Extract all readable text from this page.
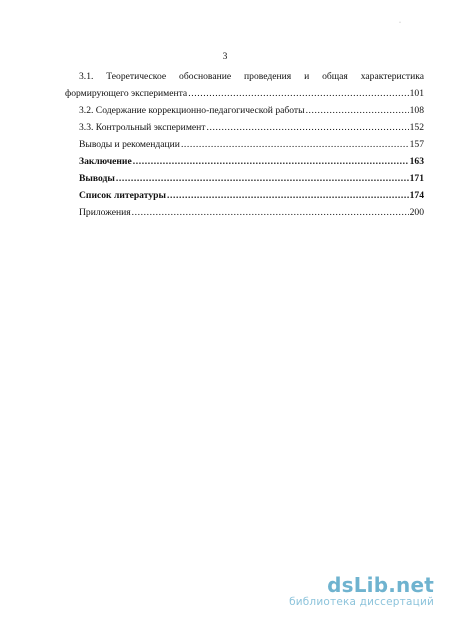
·
3
3.1. Теоретическое обоснование проведения и общая характеристика
формирующего эксперимента .....	101
3.2. Содержание коррекционно-педагогической работы .....	108
3.3. Контрольный эксперимент .....	152
Выводы и рекомендации .....	157
Заключение .....	163
Выводы .....	171
Список литературы .....	174
Приложения .....	200
dsLib.net
библиотека диссертаций
